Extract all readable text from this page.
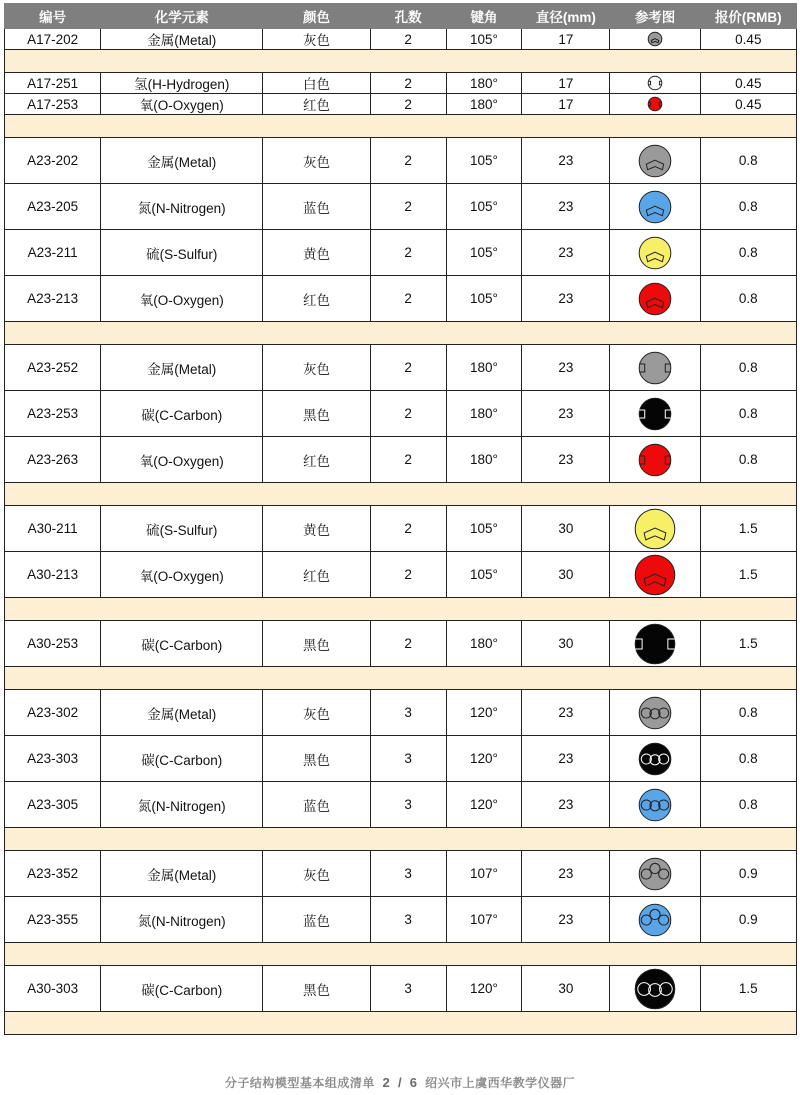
编号	化学元素	颜色	孔数	键角	直径(mm)	参考图	报价(RMB)
A17-202	金属(Metal)	灰色	2	105°	17		0.45

A17-251	氢(H-Hydrogen)	白色	2	180°	17		0.45
A17-253	氧(O-Oxygen)	红色	2	180°	17		0.45

A23-202	金属(Metal)	灰色	2	105°	23		0.8
A23-205	氮(N-Nitrogen)	蓝色	2	105°	23		0.8
A23-211	硫(S-Sulfur)	黄色	2	105°	23		0.8
A23-213	氧(O-Oxygen)	红色	2	105°	23		0.8

A23-252	金属(Metal)	灰色	2	180°	23		0.8
A23-253	碳(C-Carbon)	黑色	2	180°	23		0.8
A23-263	氧(O-Oxygen)	红色	2	180°	23		0.8

A30-211	硫(S-Sulfur)	黄色	2	105°	30		1.5
A30-213	氧(O-Oxygen)	红色	2	105°	30		1.5

A30-253	碳(C-Carbon)	黑色	2	180°	30		1.5

A23-302	金属(Metal)	灰色	3	120°	23		0.8
A23-303	碳(C-Carbon)	黑色	3	120°	23		0.8
A23-305	氮(N-Nitrogen)	蓝色	3	120°	23		0.8

A23-352	金属(Metal)	灰色	3	107°	23		0.9
A23-355	氮(N-Nitrogen)	蓝色	3	107°	23		0.9

A30-303	碳(C-Carbon)	黑色	3	120°	30		1.5

分子结构模型基本组成清单 2 / 6 绍兴市上虞西华教学仪器厂
